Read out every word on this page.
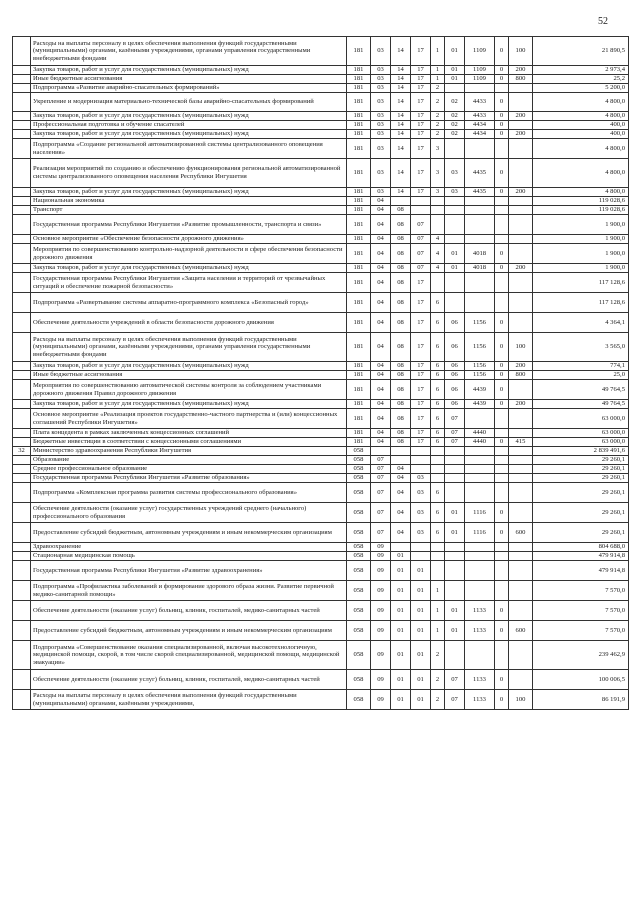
52
	Расходы на выплаты персоналу в целях обеспечения выполнения функций государственными (муниципальными) органами, казёнными учреждениями, органами управления государственными внебюджетными фондами	181	03	14	17	1	01	1109	0	100	21 890,5
	Закупка товаров, работ и услуг для государственных (муниципальных) нужд	181	03	14	17	1	01	1109	0	200	2 973,4
	Иные бюджетные ассигнования	181	03	14	17	1	01	1109	0	800	25,2
	Подпрограмма «Развитие аварийно-спасательных формирований»	181	03	14	17	2					5 200,0
	Укрепление и модернизация материально-технической базы аварийно-спасательных формирований	181	03	14	17	2	02	4433	0		4 800,0
	Закупка товаров, работ и услуг для государственных (муниципальных) нужд	181	03	14	17	2	02	4433	0	200	4 800,0
	Профессиональная подготовка и обучение спасателей	181	03	14	17	2	02	4434	0		400,0
	Закупка товаров, работ и услуг для государственных (муниципальных) нужд	181	03	14	17	2	02	4434	0	200	400,0
	Подпрограмма «Создание региональной автоматизированной системы централизованного оповещения населения»	181	03	14	17	3					4 800,0
	Реализация мероприятий по созданию и обеспечению функционирования региональной автоматизированной системы централизованного оповещения населения Республики Ингушетия	181	03	14	17	3	03	4435	0		4 800,0
	Закупка товаров, работ и услуг для государственных (муниципальных) нужд	181	03	14	17	3	03	4435	0	200	4 800,0
	Национальная экономика	181	04								119 028,6
	Транспорт	181	04	08							119 028,6
	Государственная программа Республики Ингушетия «Развитие промышленности, транспорта и связи»	181	04	08	07						1 900,0
	Основное мероприятие «Обеспечение безопасности дорожного движения»	181	04	08	07	4					1 900,0
	Мероприятия по совершенствованию контрольно-надзорной деятельности в сфере обеспечения безопасности дорожного движения	181	04	08	07	4	01	4018	0		1 900,0
	Закупка товаров, работ и услуг для государственных (муниципальных) нужд	181	04	08	07	4	01	4018	0	200	1 900,0
	Государственная программа Республики Ингушетия «Защита населения и территорий от чрезвычайных ситуаций и обеспечение пожарной безопасности»	181	04	08	17						117 128,6
	Подпрограмма «Развертывание системы аппаратно-программного комплекса «Безопасный город»	181	04	08	17	6					117 128,6
	Обеспечение деятельности учреждений в области безопасности дорожного движения	181	04	08	17	6	06	1156	0		4 364,1
	Расходы на выплаты персоналу в целях обеспечения выполнения функций государственными (муниципальными) органами, казёнными учреждениями, органами управления государственными внебюджетными фондами	181	04	08	17	6	06	1156	0	100	3 565,0
	Закупка товаров, работ и услуг для государственных (муниципальных) нужд	181	04	08	17	6	06	1156	0	200	774,1
	Иные бюджетные ассигнования	181	04	08	17	6	06	1156	0	800	25,0
	Мероприятия по совершенствованию автоматической системы контроля за соблюдением участниками дорожного движения Правил дорожного движения	181	04	08	17	6	06	4439	0		49 764,5
	Закупка товаров, работ и услуг для государственных (муниципальных) нужд	181	04	08	17	6	06	4439	0	200	49 764,5
	Основное мероприятие «Реализация проектов государственно-частного партнерства и (или) концессионных соглашений Республики Ингушетия»	181	04	08	17	6	07				63 000,0
	Плата концедента в рамках заключенных концессионных соглашений	181	04	08	17	6	07	4440			63 000,0
	Бюджетные инвестиции в соответствии с концессионными соглашениями	181	04	08	17	6	07	4440	0	415	63 000,0
32	Министерство здравоохранения Республики Ингушетия	058									2 839 491,6
	Образование	058	07								29 260,1
	Среднее профессиональное образование	058	07	04							29 260,1
	Государственная программа Республики Ингушетия «Развитие образования»	058	07	04	03						29 260,1
	Подпрограмма «Комплексная программа развития системы профессионального образования»	058	07	04	03	6					29 260,1
	Обеспечение деятельности (оказание услуг) государственных учреждений среднего (начального) профессионального образования	058	07	04	03	6	01	1116	0		29 260,1
	Предоставление субсидий бюджетным, автономным учреждениям и иным некоммерческим организациям	058	07	04	03	6	01	1116	0	600	29 260,1
	Здравоохранение	058	09								804 688,0
	Стационарная медицинская помощь	058	09	01							479 914,8
	Государственная программа Республики Ингушетия «Развитие здравоохранения»	058	09	01	01						479 914,8
	Подпрограмма «Профилактика заболеваний и формирование здорового образа жизни. Развитие первичной медико-санитарной помощи»	058	09	01	01	1					7 570,0
	Обеспечение деятельности (оказание услуг) больниц, клиник, госпиталей, медико-санитарных частей	058	09	01	01	1	01	1133	0		7 570,0
	Предоставление субсидий бюджетным, автономным учреждениям и иным некоммерческим организациям	058	09	01	01	1	01	1133	0	600	7 570,0
	Подпрограмма «Совершенствование оказания специализированной, включая высокотехнологичную, медицинской помощи, скорой, в том числе скорой специализированной, медицинской помощи, медицинской эвакуации»	058	09	01	01	2					239 462,9
	Обеспечение деятельности (оказание услуг) больниц, клиник, госпиталей, медико-санитарных частей	058	09	01	01	2	07	1133	0		100 006,5
	Расходы на выплаты персоналу в целях обеспечения выполнения функций государственными (муниципальными) органами, казёнными учреждениями,	058	09	01	01	2	07	1133	0	100	86 191,9
